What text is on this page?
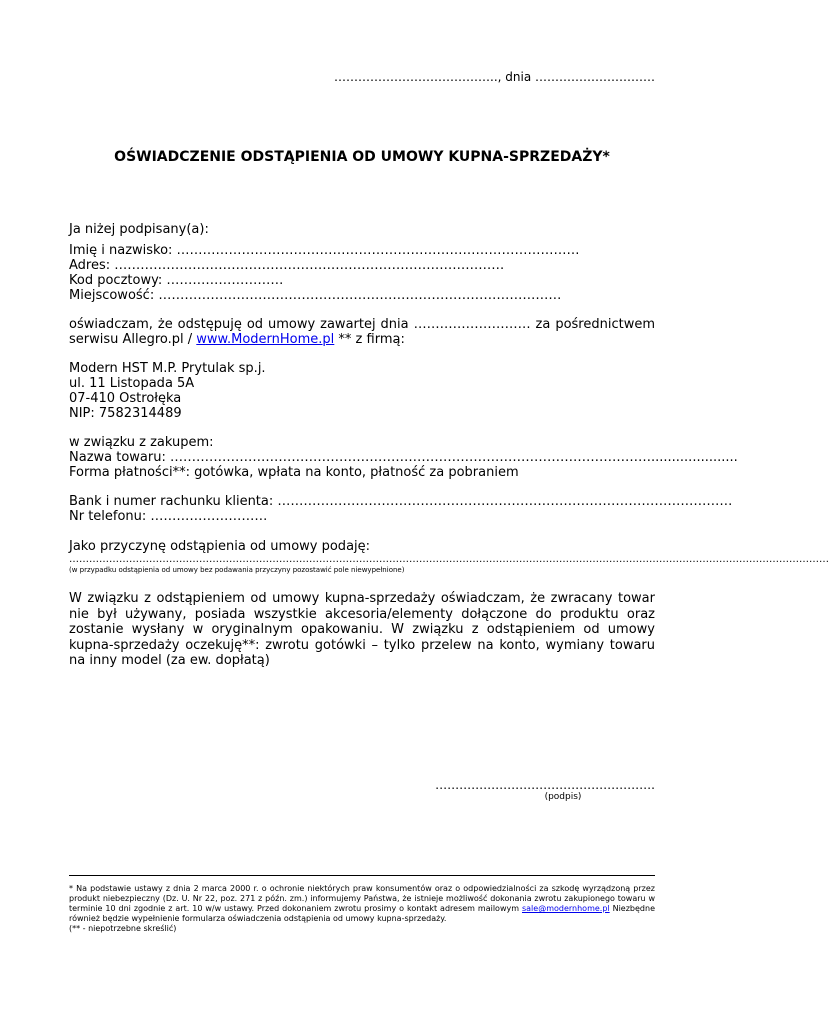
………………………………….., dnia …………………………
OŚWIADCZENIE ODSTĄPIENIA OD UMOWY KUPNA-SPRZEDAŻY*
Ja niżej podpisany(a):
Imię i nazwisko: …………………………………………………………………………………
Adres: ………………………………………………………………………………
Kod pocztowy: ………………………
Miejscowość: …………………………………………………………………………………
oświadczam, że odstępuję od umowy zawartej dnia ……………………… za pośrednictwem serwisu Allegro.pl / www.ModernHome.pl ** z firmą:
Modern HST M.P. Prytulak sp.j.
ul. 11 Listopada 5A
07-410 Ostrołęka
NIP: 7582314489
w związku z zakupem:
Nazwa towaru: ………………………………………………………………………………………………….....................
Forma płatności**: gotówka, wpłata na konto, płatność za pobraniem
Bank i numer rachunku klienta: ……………………………………………………………………………………………
Nr telefonu: ………………………
Jako przyczynę odstąpienia od umowy podaję:
…………………………………………………………………………………………………………………………………………………………………………………………………………
(w przypadku odstąpienia od umowy bez podawania przyczyny pozostawić pole niewypełnione)
W związku z odstąpieniem od umowy kupna-sprzedaży oświadczam, że zwracany towar nie był używany, posiada wszystkie akcesoria/elementy dołączone do produktu oraz zostanie wysłany w oryginalnym opakowaniu. W związku z odstąpieniem od umowy kupna-sprzedaży oczekuję**: zwrotu gotówki – tylko przelew na konto, wymiany towaru na inny model (za ew. dopłatą)
……………………………………………….
(podpis)
* Na podstawie ustawy z dnia 2 marca 2000 r. o ochronie niektórych praw konsumentów oraz o odpowiedzialności za szkodę wyrządzoną przez produkt niebezpieczny (Dz. U. Nr 22, poz. 271 z późn. zm.) informujemy Państwa, że istnieje możliwość dokonania zwrotu zakupionego towaru w terminie 10 dni zgodnie z art. 10 w/w ustawy. Przed dokonaniem zwrotu prosimy o kontakt adresem mailowym sale@modernhome.pl Niezbędne również będzie wypełnienie formularza oświadczenia odstąpienia od umowy kupna-sprzedaży.
(** - niepotrzebne skreślić)
